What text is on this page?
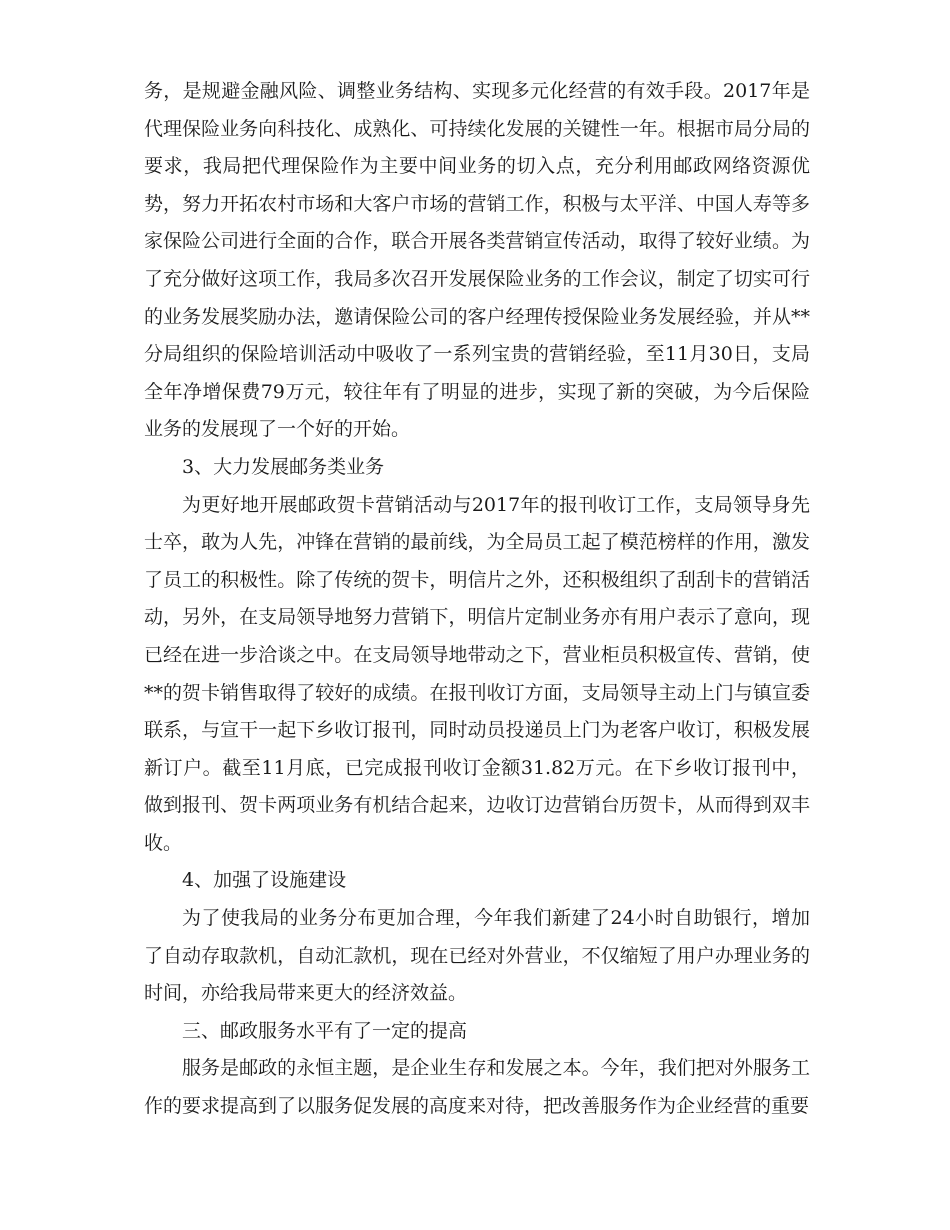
务，是规避金融风险、调整业务结构、实现多元化经营的有效手段。2017年是代理保险业务向科技化、成熟化、可持续化发展的关键性一年。根据市局分局的要求，我局把代理保险作为主要中间业务的切入点，充分利用邮政网络资源优势，努力开拓农村市场和大客户市场的营销工作，积极与太平洋、中国人寿等多家保险公司进行全面的合作，联合开展各类营销宣传活动，取得了较好业绩。为了充分做好这项工作，我局多次召开发展保险业务的工作会议，制定了切实可行的业务发展奖励办法，邀请保险公司的客户经理传授保险业务发展经验，并从**分局组织的保险培训活动中吸收了一系列宝贵的营销经验，至11月30日，支局全年净增保费79万元，较往年有了明显的进步，实现了新的突破，为今后保险业务的发展现了一个好的开始。

3、大力发展邮务类业务

为更好地开展邮政贺卡营销活动与2017年的报刊收订工作，支局领导身先士卒，敢为人先，冲锋在营销的最前线，为全局员工起了模范榜样的作用，激发了员工的积极性。除了传统的贺卡，明信片之外，还积极组织了刮刮卡的营销活动，另外，在支局领导地努力营销下，明信片定制业务亦有用户表示了意向，现已经在进一步洽谈之中。在支局领导地带动之下，营业柜员积极宣传、营销，使**的贺卡销售取得了较好的成绩。在报刊收订方面，支局领导主动上门与镇宣委联系，与宣干一起下乡收订报刊，同时动员投递员上门为老客户收订，积极发展新订户。截至11月底，已完成报刊收订金额31.82万元。在下乡收订报刊中，做到报刊、贺卡两项业务有机结合起来，边收订边营销台历贺卡，从而得到双丰收。

4、加强了设施建设

为了使我局的业务分布更加合理，今年我们新建了24小时自助银行，增加了自动存取款机，自动汇款机，现在已经对外营业，不仅缩短了用户办理业务的时间，亦给我局带来更大的经济效益。

三、邮政服务水平有了一定的提高

服务是邮政的永恒主题，是企业生存和发展之本。今年，我们把对外服务工作的要求提高到了以服务促发展的高度来对待，把改善服务作为企业经营的重要
